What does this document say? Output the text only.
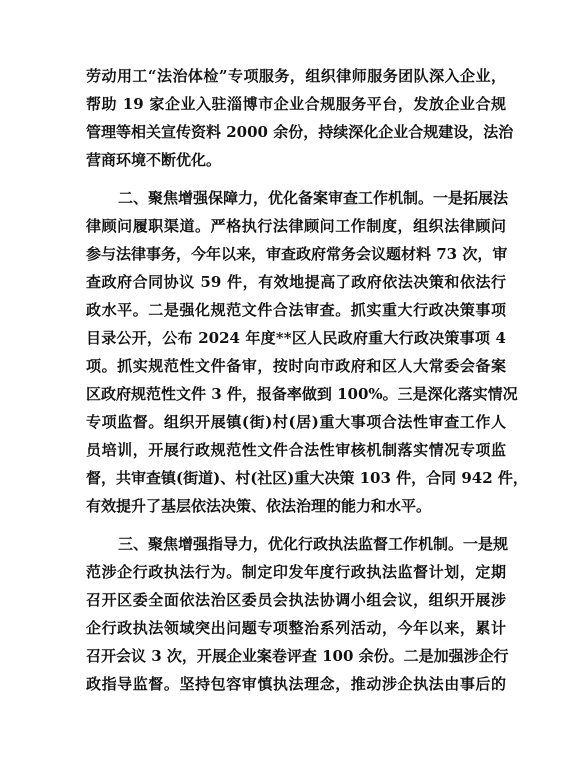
劳动用工“法治体检”专项服务，组织律师服务团队深入企业，
帮助 19 家企业入驻淄博市企业合规服务平台，发放企业合规
管理等相关宣传资料 2000 余份，持续深化企业合规建设，法治
营商环境不断优化。
二、聚焦增强保障力，优化备案审查工作机制。一是拓展法
律顾问履职渠道。严格执行法律顾问工作制度，组织法律顾问
参与法律事务，今年以来，审查政府常务会议题材料 73 次，审
查政府合同协议 59 件，有效地提高了政府依法决策和依法行
政水平。二是强化规范文件合法审查。抓实重大行政决策事项
目录公开，公布 2024 年度**区人民政府重大行政决策事项 4
项。抓实规范性文件备审，按时向市政府和区人大常委会备案
区政府规范性文件 3 件，报备率做到 100%。三是深化落实情况
专项监督。组织开展镇(街)村(居)重大事项合法性审查工作人
员培训，开展行政规范性文件合法性审核机制落实情况专项监
督，共审查镇(街道)、村(社区)重大决策 103 件，合同 942 件，
有效提升了基层依法决策、依法治理的能力和水平。
三、聚焦增强指导力，优化行政执法监督工作机制。一是规
范涉企行政执法行为。制定印发年度行政执法监督计划，定期
召开区委全面依法治区委员会执法协调小组会议，组织开展涉
企行政执法领域突出问题专项整治系列活动，今年以来，累计
召开会议 3 次，开展企业案卷评查 100 余份。二是加强涉企行
政指导监督。坚持包容审慎执法理念，推动涉企执法由事后的
